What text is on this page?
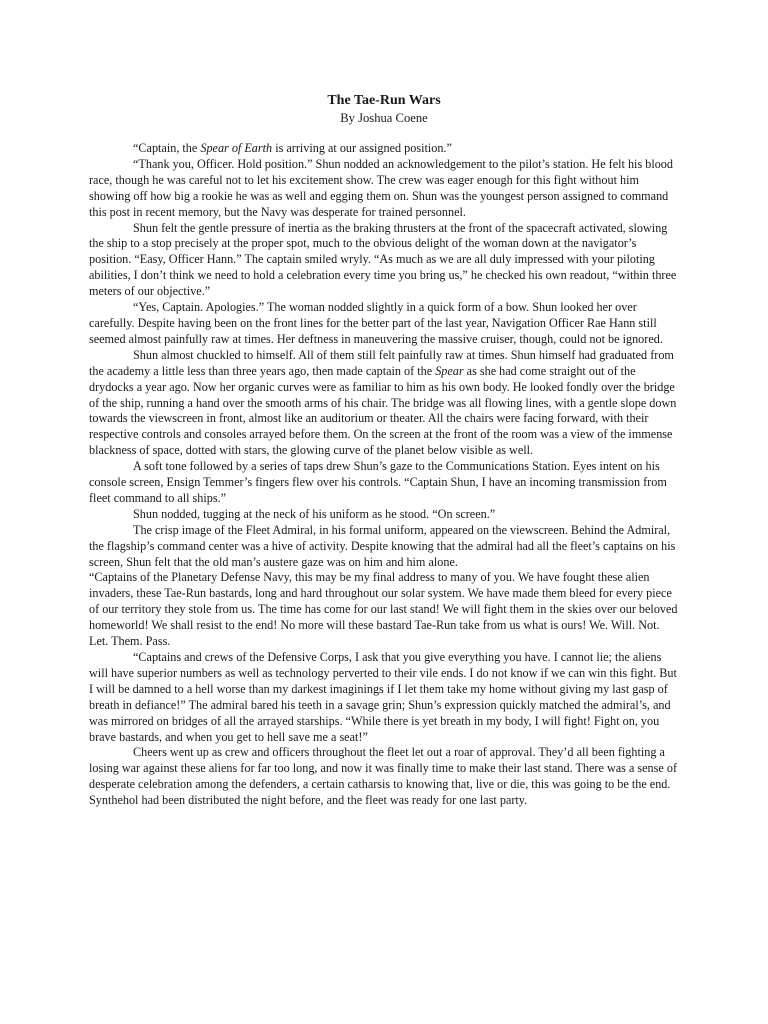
The Tae-Run Wars
By Joshua Coene

“Captain, the Spear of Earth is arriving at our assigned position.”

“Thank you, Officer. Hold position.” Shun nodded an acknowledgement to the pilot’s station. He felt his blood race, though he was careful not to let his excitement show. The crew was eager enough for this fight without him showing off how big a rookie he was as well and egging them on. Shun was the youngest person assigned to command this post in recent memory, but the Navy was desperate for trained personnel.

Shun felt the gentle pressure of inertia as the braking thrusters at the front of the spacecraft activated, slowing the ship to a stop precisely at the proper spot, much to the obvious delight of the woman down at the navigator’s position. “Easy, Officer Hann.” The captain smiled wryly. “As much as we are all duly impressed with your piloting abilities, I don’t think we need to hold a celebration every time you bring us,” he checked his own readout, “within three meters of our objective.”

“Yes, Captain. Apologies.” The woman nodded slightly in a quick form of a bow. Shun looked her over carefully. Despite having been on the front lines for the better part of the last year, Navigation Officer Rae Hann still seemed almost painfully raw at times. Her deftness in maneuvering the massive cruiser, though, could not be ignored.

Shun almost chuckled to himself. All of them still felt painfully raw at times. Shun himself had graduated from the academy a little less than three years ago, then made captain of the Spear as she had come straight out of the drydocks a year ago. Now her organic curves were as familiar to him as his own body. He looked fondly over the bridge of the ship, running a hand over the smooth arms of his chair. The bridge was all flowing lines, with a gentle slope down towards the viewscreen in front, almost like an auditorium or theater. All the chairs were facing forward, with their respective controls and consoles arrayed before them. On the screen at the front of the room was a view of the immense blackness of space, dotted with stars, the glowing curve of the planet below visible as well.

A soft tone followed by a series of taps drew Shun’s gaze to the Communications Station. Eyes intent on his console screen, Ensign Temmer’s fingers flew over his controls. “Captain Shun, I have an incoming transmission from fleet command to all ships.”

Shun nodded, tugging at the neck of his uniform as he stood. “On screen.”

The crisp image of the Fleet Admiral, in his formal uniform, appeared on the viewscreen. Behind the Admiral, the flagship’s command center was a hive of activity. Despite knowing that the admiral had all the fleet’s captains on his screen, Shun felt that the old man’s austere gaze was on him and him alone.

“Captains of the Planetary Defense Navy, this may be my final address to many of you. We have fought these alien invaders, these Tae-Run bastards, long and hard throughout our solar system. We have made them bleed for every piece of our territory they stole from us. The time has come for our last stand! We will fight them in the skies over our beloved homeworld! We shall resist to the end! No more will these bastard Tae-Run take from us what is ours! We. Will. Not. Let. Them. Pass.

“Captains and crews of the Defensive Corps, I ask that you give everything you have. I cannot lie; the aliens will have superior numbers as well as technology perverted to their vile ends. I do not know if we can win this fight. But I will be damned to a hell worse than my darkest imaginings if I let them take my home without giving my last gasp of breath in defiance!” The admiral bared his teeth in a savage grin; Shun’s expression quickly matched the admiral’s, and was mirrored on bridges of all the arrayed starships. “While there is yet breath in my body, I will fight! Fight on, you brave bastards, and when you get to hell save me a seat!”

Cheers went up as crew and officers throughout the fleet let out a roar of approval. They’d all been fighting a losing war against these aliens for far too long, and now it was finally time to make their last stand. There was a sense of desperate celebration among the defenders, a certain catharsis to knowing that, live or die, this was going to be the end. Synthehol had been distributed the night before, and the fleet was ready for one last party.
